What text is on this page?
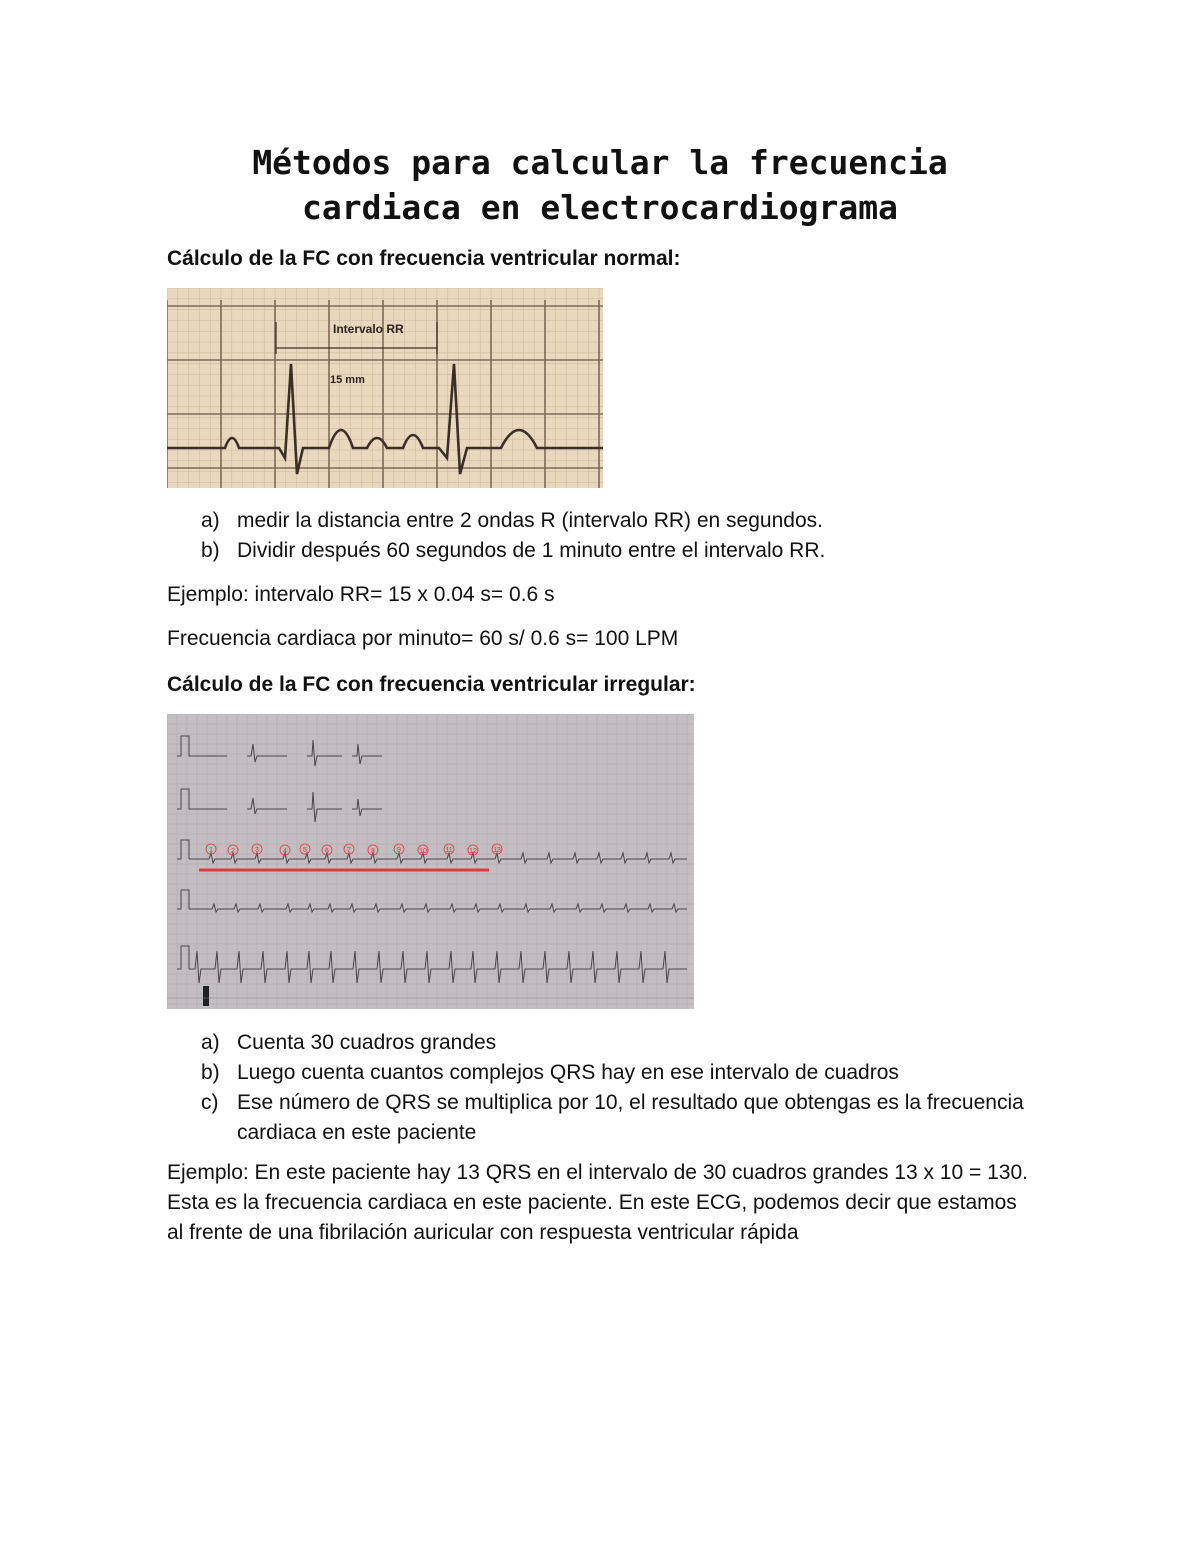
Métodos para calcular la frecuencia
cardiaca en electrocardiograma
Cálculo de la FC con frecuencia ventricular normal:
Intervalo RR
15 mm
a) medir la distancia entre 2 ondas R (intervalo RR) en segundos.
b) Dividir después 60 segundos de 1 minuto entre el intervalo RR.
Ejemplo: intervalo RR= 15 x 0.04 s= 0.6 s
Frecuencia cardiaca por minuto= 60 s/ 0.6 s= 100 LPM
Cálculo de la FC con frecuencia ventricular irregular:
1	2	3	4 5	6	7	8	9	10	11 12 13
a) Cuenta 30 cuadros grandes
b) Luego cuenta cuantos complejos QRS hay en ese intervalo de cuadros
c) Ese número de QRS se multiplica por 10, el resultado que obtengas es la frecuencia cardiaca en este paciente
Ejemplo: En este paciente hay 13 QRS en el intervalo de 30 cuadros grandes 13 x 10 = 130. Esta es la frecuencia cardiaca en este paciente. En este ECG, podemos decir que estamos al frente de una fibrilación auricular con respuesta ventricular rápida
